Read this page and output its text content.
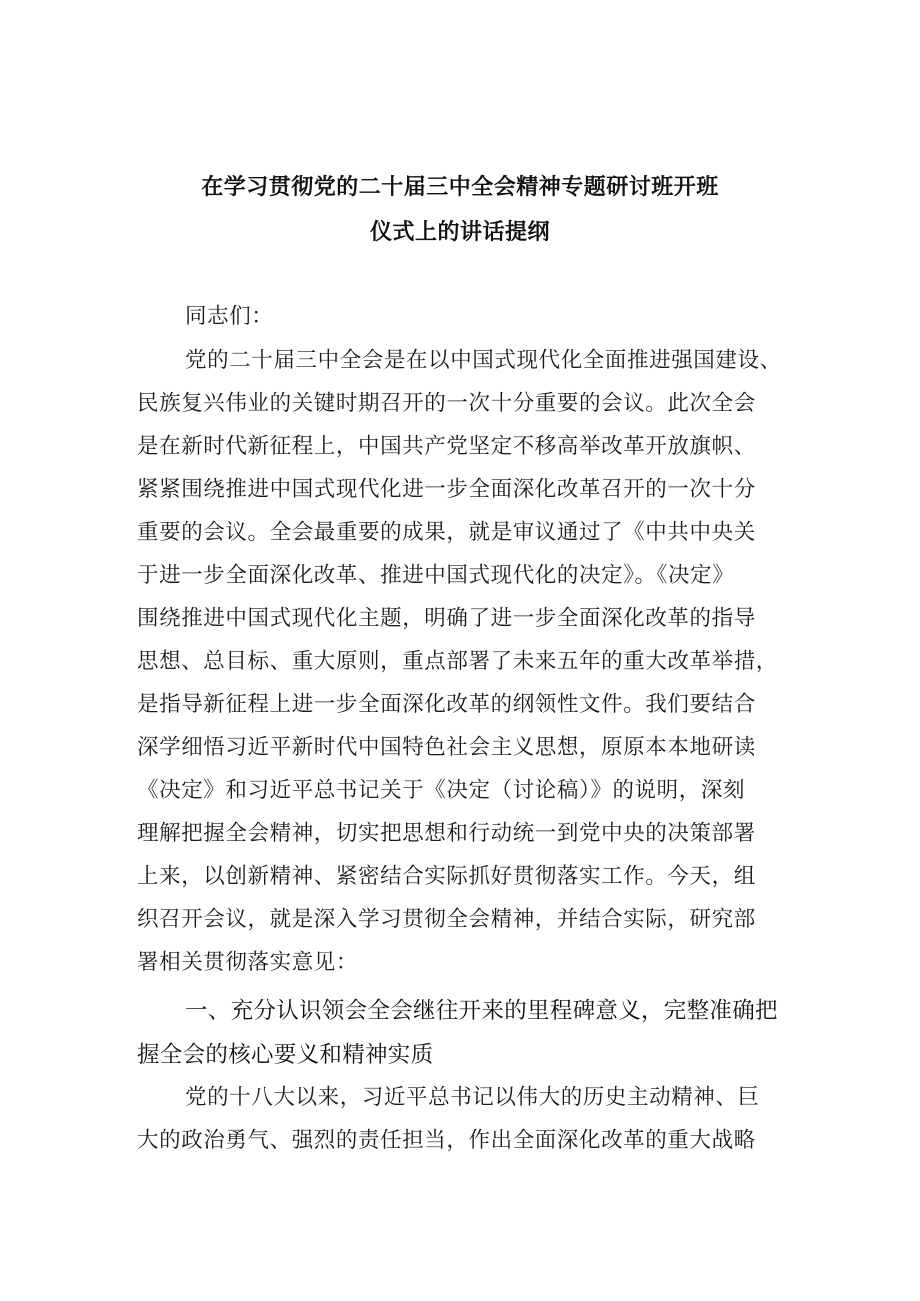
在学习贯彻党的二十届三中全会精神专题研讨班开班
仪式上的讲话提纲
同志们：
党的二十届三中全会是在以中国式现代化全面推进强国建设、
民族复兴伟业的关键时期召开的一次十分重要的会议。此次全会
是在新时代新征程上，中国共产党坚定不移高举改革开放旗帜、
紧紧围绕推进中国式现代化进一步全面深化改革召开的一次十分
重要的会议。全会最重要的成果，就是审议通过了《中共中央关
于进一步全面深化改革、推进中国式现代化的决定》。《决定》
围绕推进中国式现代化主题，明确了进一步全面深化改革的指导
思想、总目标、重大原则，重点部署了未来五年的重大改革举措，
是指导新征程上进一步全面深化改革的纲领性文件。我们要结合
深学细悟习近平新时代中国特色社会主义思想，原原本本地研读
《决定》和习近平总书记关于《决定（讨论稿）》的说明，深刻
理解把握全会精神，切实把思想和行动统一到党中央的决策部署
上来，以创新精神、紧密结合实际抓好贯彻落实工作。今天，组
织召开会议，就是深入学习贯彻全会精神，并结合实际，研究部
署相关贯彻落实意见：
一、充分认识领会全会继往开来的里程碑意义，完整准确把
握全会的核心要义和精神实质
党的十八大以来，习近平总书记以伟大的历史主动精神、巨
大的政治勇气、强烈的责任担当，作出全面深化改革的重大战略
